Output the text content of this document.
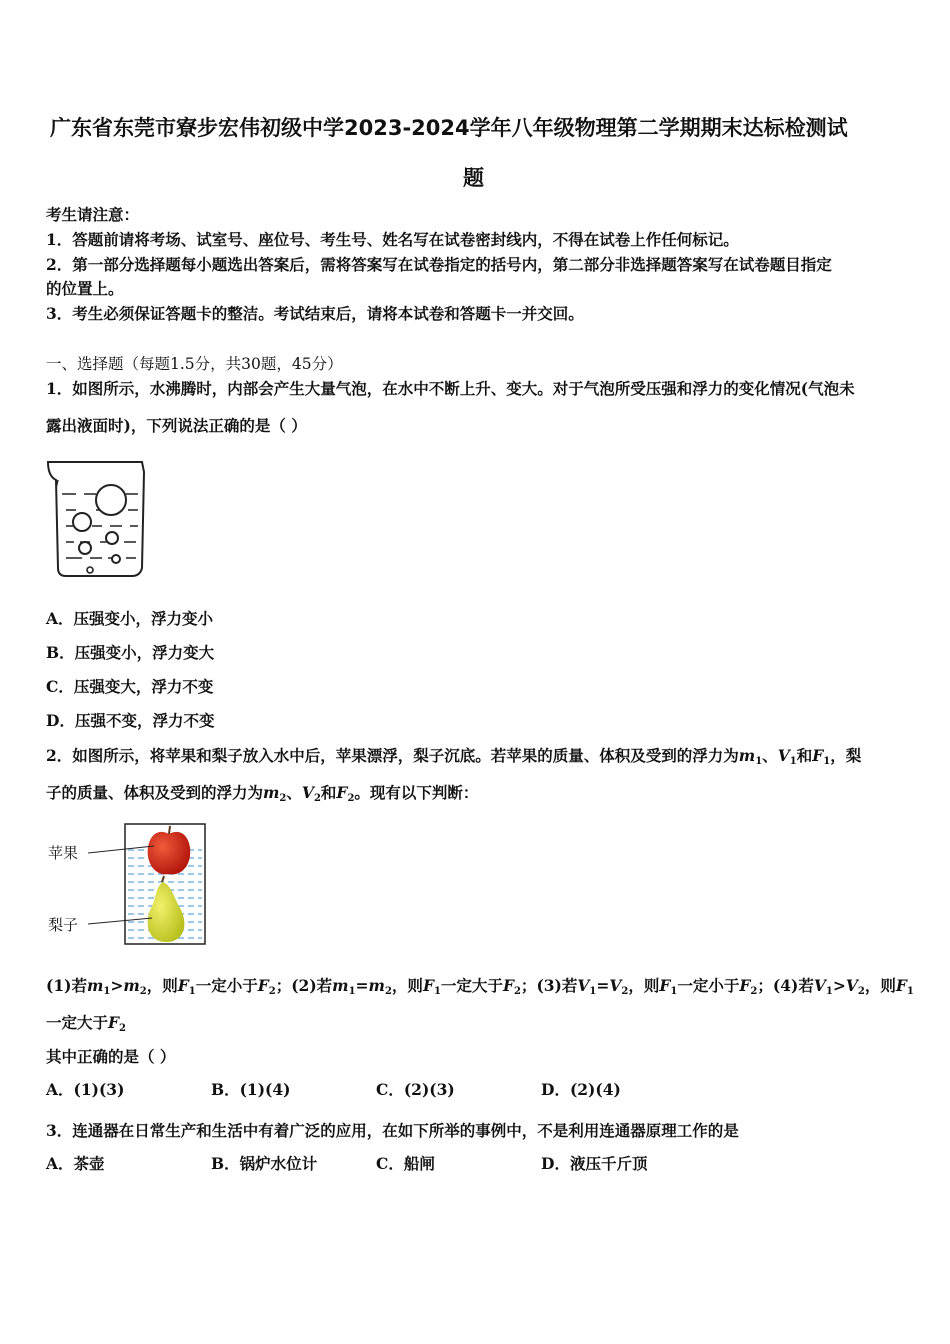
广东省东莞市寮步宏伟初级中学2023-2024学年八年级物理第二学期期末达标检测试
题
考生请注意：
1．答题前请将考场、试室号、座位号、考生号、姓名写在试卷密封线内，不得在试卷上作任何标记。
2．第一部分选择题每小题选出答案后，需将答案写在试卷指定的括号内，第二部分非选择题答案写在试卷题目指定
的位置上。
3．考生必须保证答题卡的整洁。考试结束后，请将本试卷和答题卡一并交回。
一、选择题（每题1.5分，共30题，45分）
1．如图所示，水沸腾时，内部会产生大量气泡，在水中不断上升、变大。对于气泡所受压强和浮力的变化情况(气泡未
露出液面时)，下列说法正确的是（ ）
A．压强变小，浮力变小
B．压强变小，浮力变大
C．压强变大，浮力不变
D．压强不变，浮力不变
2．如图所示，将苹果和梨子放入水中后，苹果漂浮，梨子沉底。若苹果的质量、体积及受到的浮力为$m_1$、$V_1$和$F_1$，梨
子的质量、体积及受到的浮力为$m_2$、$V_2$和$F_2$。现有以下判断：
苹果
梨子
(1)若$m_1>m_2$，则$F_1$一定小于$F_2$；(2)若$m_1=m_2$，则$F_1$一定大于$F_2$；(3)若$V_1=V_2$，则$F_1$一定小于$F_2$；(4)若$V_1>V_2$，则$F_1$
一定大于$F_2$
其中正确的是（ ）
A．(1)(3)	B．(1)(4)	C．(2)(3)	D．(2)(4)
3．连通器在日常生产和生活中有着广泛的应用，在如下所举的事例中，不是利用连通器原理工作的是
A．茶壶	B．锅炉水位计	C．船闸	D．液压千斤顶
